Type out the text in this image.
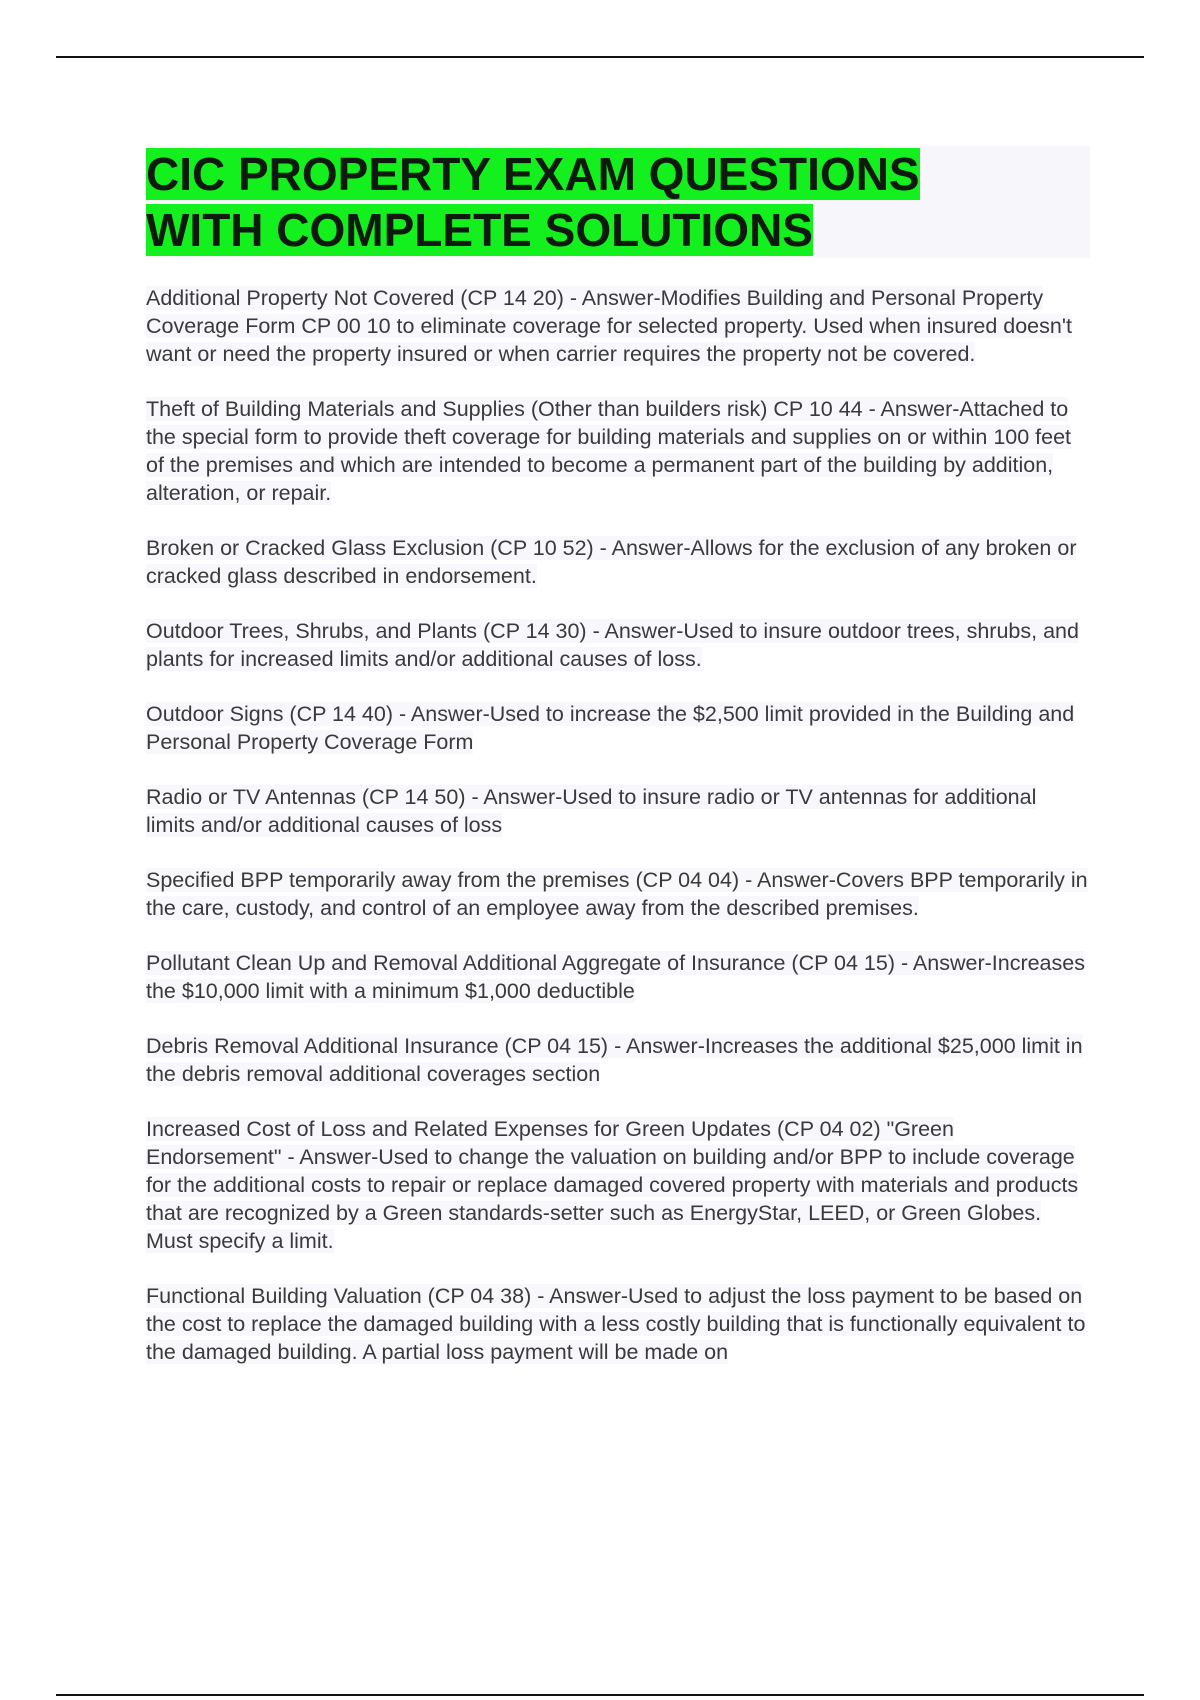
CIC PROPERTY EXAM QUESTIONS
WITH COMPLETE SOLUTIONS

Additional Property Not Covered (CP 14 20) - Answer-Modifies Building and Personal Property Coverage Form CP 00 10 to eliminate coverage for selected property. Used when insured doesn't want or need the property insured or when carrier requires the property not be covered.

Theft of Building Materials and Supplies (Other than builders risk) CP 10 44 - Answer-Attached to the special form to provide theft coverage for building materials and supplies on or within 100 feet of the premises and which are intended to become a permanent part of the building by addition, alteration, or repair.

Broken or Cracked Glass Exclusion (CP 10 52) - Answer-Allows for the exclusion of any broken or cracked glass described in endorsement.

Outdoor Trees, Shrubs, and Plants (CP 14 30) - Answer-Used to insure outdoor trees, shrubs, and plants for increased limits and/or additional causes of loss.

Outdoor Signs (CP 14 40) - Answer-Used to increase the $2,500 limit provided in the Building and Personal Property Coverage Form

Radio or TV Antennas (CP 14 50) - Answer-Used to insure radio or TV antennas for additional limits and/or additional causes of loss

Specified BPP temporarily away from the premises (CP 04 04) - Answer-Covers BPP temporarily in the care, custody, and control of an employee away from the described premises.

Pollutant Clean Up and Removal Additional Aggregate of Insurance (CP 04 15) - Answer-Increases the $10,000 limit with a minimum $1,000 deductible

Debris Removal Additional Insurance (CP 04 15) - Answer-Increases the additional $25,000 limit in the debris removal additional coverages section

Increased Cost of Loss and Related Expenses for Green Updates (CP 04 02) "Green Endorsement" - Answer-Used to change the valuation on building and/or BPP to include coverage for the additional costs to repair or replace damaged covered property with materials and products that are recognized by a Green standards-setter such as EnergyStar, LEED, or Green Globes. Must specify a limit.

Functional Building Valuation (CP 04 38) - Answer-Used to adjust the loss payment to be based on the cost to replace the damaged building with a less costly building that is functionally equivalent to the damaged building. A partial loss payment will be made on
